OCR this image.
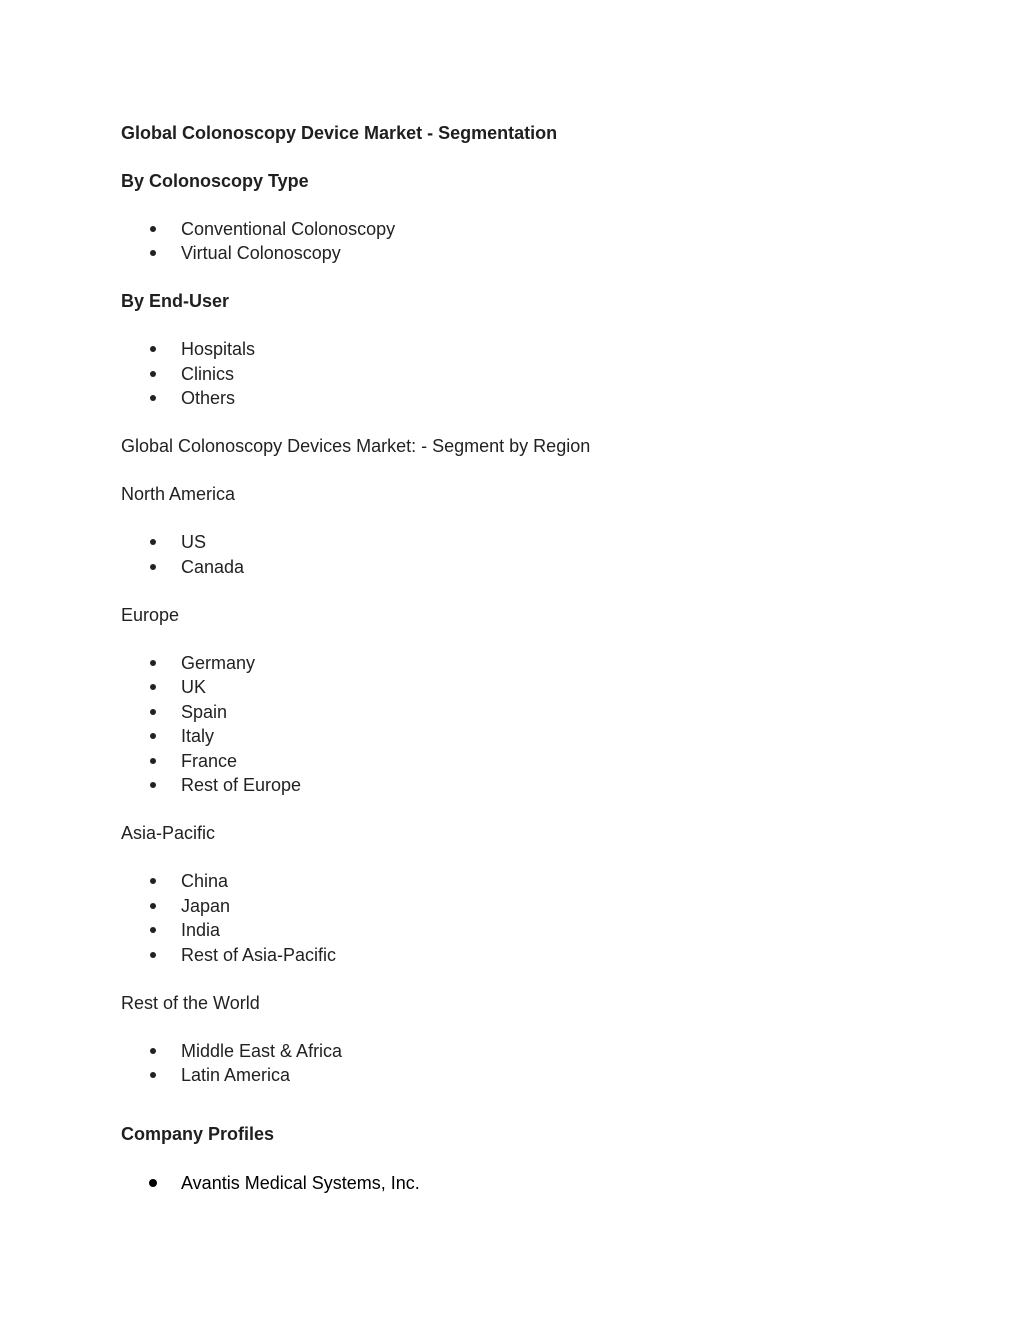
Global Colonoscopy Device Market - Segmentation
By Colonoscopy Type
Conventional Colonoscopy
Virtual Colonoscopy
By End-User
Hospitals
Clinics
Others
Global Colonoscopy Devices Market: - Segment by Region
North America
US
Canada
Europe
Germany
UK
Spain
Italy
France
Rest of Europe
Asia-Pacific
China
Japan
India
Rest of Asia-Pacific
Rest of the World
Middle East & Africa
Latin America
Company Profiles
Avantis Medical Systems, Inc.
